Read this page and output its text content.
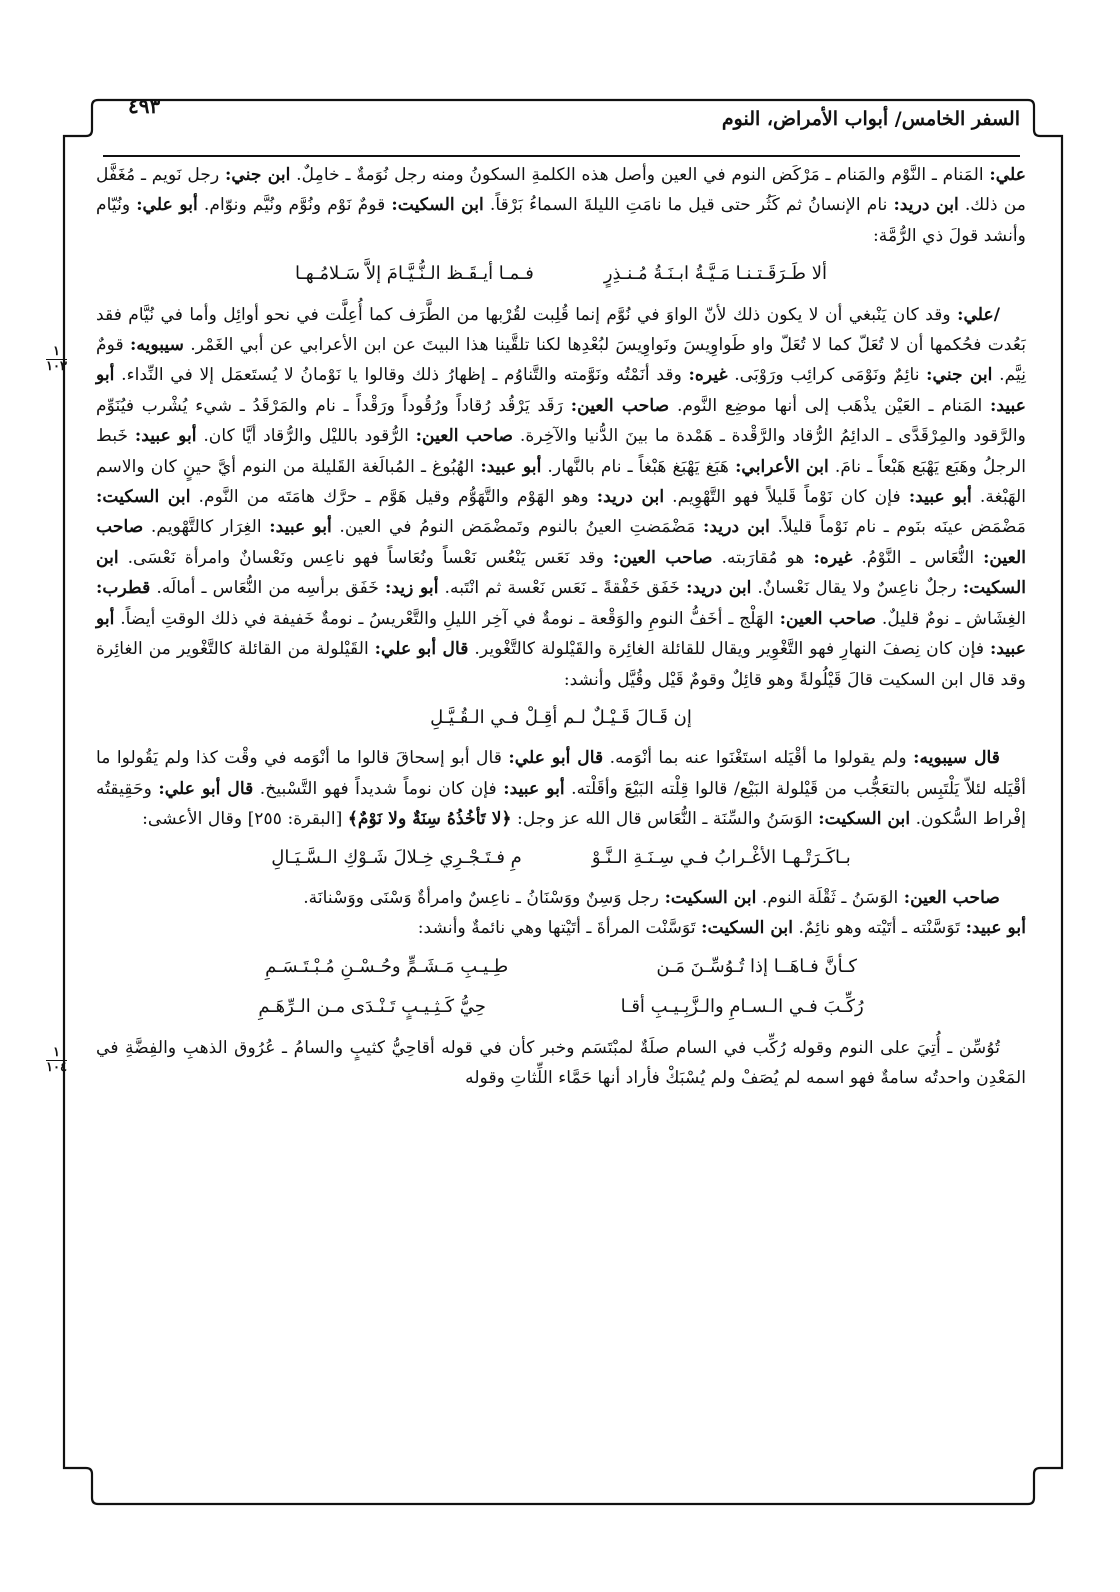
السفر الخامس/ أبواب الأمراض، النوم
٤٩٣
١
١٠٣
١
١٠٤

علي: المَنام ـ النَّوْم والمَنام ـ مَرْكَض النوم في العين وأصل هذه الكلمةِ السكونُ ومنه رجل نُوَمةٌ ـ خامِلٌ. ابن جني: رجل نَويم ـ مُغَفَّل من ذلك. ابن دريد: نام الإنسانُ ثم كَثُر حتى قيل ما نامَتِ الليلةَ السماءُ بَرْقاً. ابن السكيت: قومٌ نَوْم ونُوَّم ونُيَّم ونوّام. أبو علي: ونُيّام وأنشد قولَ ذي الرُّمَّة:

ألا طَـرَقَـتـنـا مَـيَّـةُ ابـنَـةُ مُـنـذِرٍ
فـمـا أيـقَـظ الـنُّـيَّـامَ إلاَّ سَـلامُـهـا

/علي: وقد كان يَنْبغي أن لا يكون ذلك لأنّ الواوَ في نُوَّم إنما قُلِبت لقُرْبها من الطَّرَف كما أُعِلَّت في نحو أوائِل وأما في نُيَّام فقد بَعُدت فحُكمها أن لا تُعَلّ كما لا تُعَلّ واو طَواوِيسَ ونَواوِيسَ لبُعْدِها لكنا تلقَّينا هذا البيتَ عن ابن الأعرابي عن أبي الغَمْر. سيبويه: قومٌ نِيَّم. ابن جني: نائِمٌ ونَوْمَى كرائِب ورَوْبَى. غيره: وقد أنَمْتُه ونَوَّمته والتَّناوُم ـ إظهارُ ذلك وقالوا يا نَوْمانُ لا يُستَعمَل إلا في النِّداء. أبو عبيد: المَنام ـ العَيْن يذْهَب إلى أنها موضِع النَّوم. صاحب العين: رَقَد يَرْقُد رُقاداً ورُقُوداً ورَقْداً ـ نام والمَرْقَدُ ـ شيء يُشْرب فيُنَوِّم والرَّقود والمِرْقَدَّى ـ الدائِمُ الرُّقاد والرَّقْدة ـ هَمْدة ما بينَ الدُّنيا والآخِرة. صاحب العين: الرُّقود بالليْل والرُّقاد أيَّا كان. أبو عبيد: خَبط الرجلُ وهَبَع يَهْبَع هَبْعاً ـ نامَ. ابن الأعرابي: هَبَغ يَهْبَغ هَبْغاً ـ نام بالنَّهار. أبو عبيد: الهُبُوغ ـ المُبالَغة القَليلة من النوم أيَّ حينٍ كان والاسم الهَبْغة. أبو عبيد: فإن كان نَوْماً قَليلاً فهو التَّهْوِيم. ابن دريد: وهو الهَوْم والتَّهَوُّم وقيل هَوَّم ـ حرَّك هامَتَه من النَّوم. ابن السكيت: مَضْمَض عينَه بنَوم ـ نام نَوْماً قليلاً. ابن دريد: مَضْمَضتِ العينُ بالنوم وتَمضْمَض النومُ في العين. أبو عبيد: الغِرَار كالتَّهْويم. صاحب العين: النُّعَاس ـ النَّوْمُ. غيره: هو مُقارَبته. صاحب العين: وقد نَعَس يَنْعُس نَعْساً ونُعَاساً فهو ناعِس ونَعْسانٌ وامرأة نَعْسَى. ابن السكيت: رجلٌ ناعِسٌ ولا يقال نَعْسانٌ. ابن دريد: خَفَق خَفْقةً ـ نَعَس نَعْسة ثم انْتَبه. أبو زيد: خَفَق برأسِه من النُّعَاس ـ أمالَه. قطرب: الغِشَاش ـ نومٌ قليلٌ. صاحب العين: الهَلْج ـ أخَفُّ النومِ والوَقْعة ـ نومةٌ في آخِر الليلِ والتَّعْريسُ ـ نومةٌ خَفيفة في ذلك الوقتِ أيضاً. أبو عبيد: فإن كان نِصفَ النهارِ فهو التَّغْوِير ويقال للقائلة الغائِرة والقَيْلولة كالتَّغْوير. قال أبو علي: القَيْلولة من القائلة كالتَّغْوير من الغائِرة وقد قال ابن السكيت قالَ قَيْلُولةً وهو قائِلٌ وقومٌ قَيْل وقُيَّل وأنشد:

إن قَـالَ قَـيْـلٌ لـم أقِـلْ فـي الـقُـيَّـلِ

قال سيبويه: ولم يقولوا ما أقْيَله استَغْنَوا عنه بما أنْوَمه. قال أبو علي: قال أبو إسحاقَ قالوا ما أنْوَمه في وقْت كذا ولم يَقُولوا ما أقْيَله لئلاّ يَلْتَبِس بالتعَجُّب من قَيْلولة البَيْع/ قالوا قِلْته البَيْعَ وأقَلْته. أبو عبيد: فإن كان نوماً شديداً فهو التَّسْبيخ. قال أبو علي: وحَقِيقتُه إفْراط السُّكون. ابن السكيت: الوَسَنُ والسِّنَة ـ النُّعَاس قال الله عز وجل: ﴿لا تَأخُذُهُ سِنَةٌ ولا نَوْمٌ﴾ [البقرة: ٢٥٥] وقال الأعشى:

بـاكَـرَتْـهـا الأغْـرابُ فـي سِـنَـةِ الـنَّـوْ
مِ فـتَـجْـرِي خِـلالَ شَـوْكِ الـسَّـيَـالِ

صاحب العين: الوَسَنُ ـ ثَقْلَة النوم. ابن السكيت: رجل وَسِنٌ ووَسْنَانُ ـ ناعِسٌ وامرأةٌ وَسْنَى ووَسْنانَة.

أبو عبيد: تَوَسَّنْته ـ أتَيْته وهو نائِمٌ. ابن السكيت: تَوَسَّنْت المرأةَ ـ أتَيْتها وهي نائمةٌ وأنشد:

كـأنَّ فـاهَــا إذا تُـوُسِّـنَ مَـن
طِـيـبِ مَـشَـمٍّ وحُـسْـنِ مُـبْـتَـسَـمِ
رُكِّـبَ فـي الـسـامِ والـزَّبِـيـبِ أقـا
حِيُّ كَـثِـيـبٍ تَـنْـدَى مـن الـرِّهَـمِ

تُوُسِّن ـ أُتِيَ على النوم وقوله رُكِّب في السام صلَةٌ لمبْتَسَم وخبر كأن في قوله أقاحِيُّ كثيبٍ والسامُ ـ عُرُوق الذهبِ والفِضَّةِ في المَعْدِن واحدتُه سامةٌ فهو اسمه لم يُصَفْ ولم يُسْبَكْ فأراد أنها حَمَّاء اللِّثاتِ وقوله
